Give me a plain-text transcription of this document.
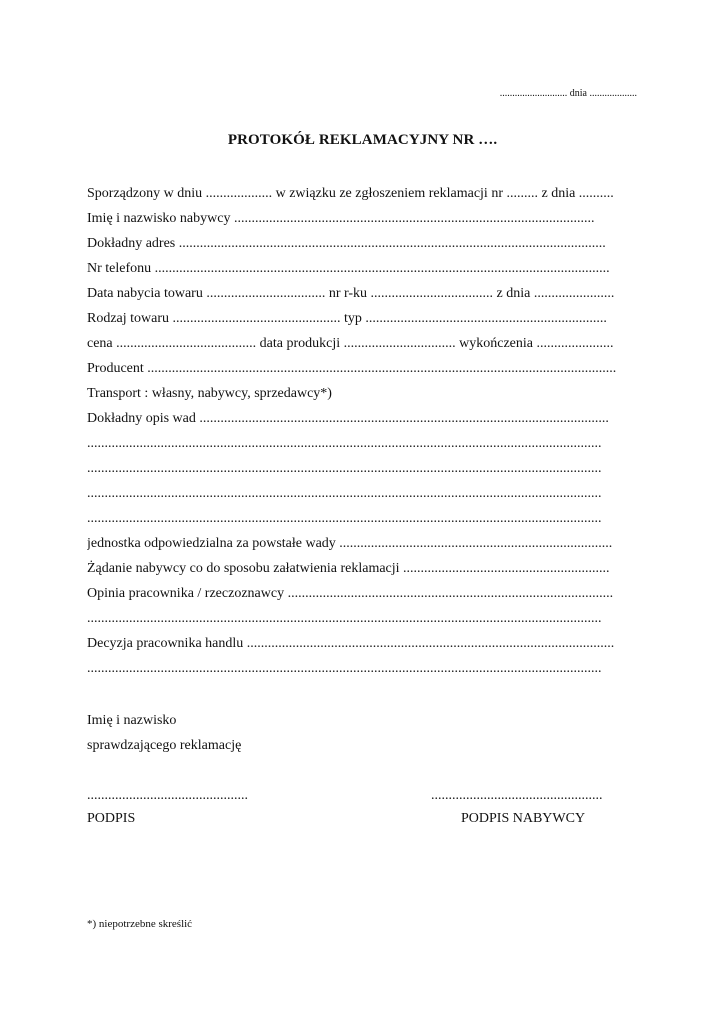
........................... dnia ...................
PROTOKÓŁ REKLAMACYJNY NR ….
Sporządzony w dniu ................... w związku ze zgłoszeniem reklamacji nr ......... z dnia ..........
Imię i nazwisko nabywcy .......................................................................................................
Dokładny adres ..........................................................................................................................
Nr telefonu ..................................................................................................................................
Data nabycia towaru .................................. nr r-ku ................................... z dnia .......................
Rodzaj towaru ................................................ typ .....................................................................
cena ........................................ data produkcji ................................ wykończenia ......................
Producent ......................................................................................................................................
Transport : własny, nabywcy, sprzedawcy*)
Dokładny opis wad .....................................................................................................................
...................................................................................................................................................
...................................................................................................................................................
...................................................................................................................................................
...................................................................................................................................................
jednostka odpowiedzialna za powstałe wady ..............................................................................
Żądanie nabywcy co do sposobu załatwienia reklamacji ...........................................................
Opinia pracownika / rzeczoznawcy .............................................................................................
...................................................................................................................................................
Decyzja pracownika handlu .........................................................................................................
...................................................................................................................................................
Imię i nazwisko
sprawdzającego reklamację
..............................................	.................................................
PODPIS	PODPIS NABYWCY
*) niepotrzebne skreślić
